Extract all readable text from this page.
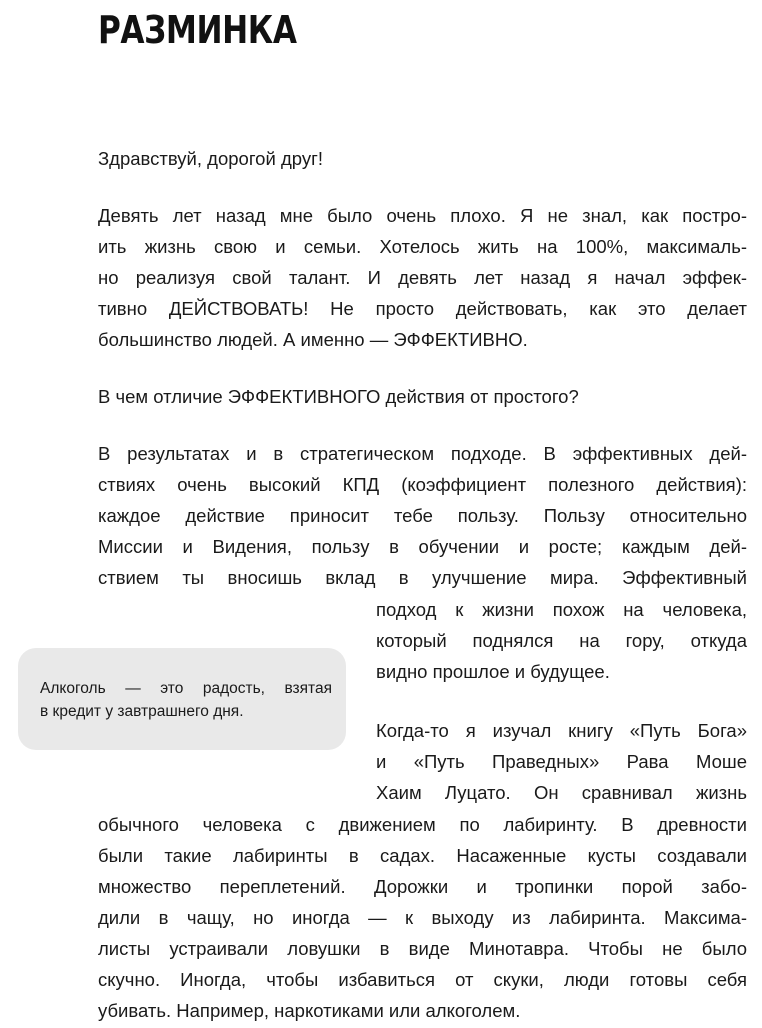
РАЗМИНКА
Здравствуй, дорогой друг!
Девять лет назад мне было очень плохо. Я не знал, как постро-
ить жизнь свою и семьи. Хотелось жить на 100%, максималь-
но реализуя свой талант. И девять лет назад я начал эффек-
тивно ДЕЙСТВОВАТЬ! Не просто действовать, как это делает
большинство людей. А именно — ЭФФЕКТИВНО.
В чем отличие ЭФФЕКТИВНОГО действия от простого?
В результатах и в стратегическом подходе. В эффективных дей-
ствиях очень высокий КПД (коэффициент полезного действия):
каждое действие приносит тебе пользу. Пользу относительно
Миссии и Видения, пользу в обучении и росте; каждым дей-
ствием ты вносишь вклад в улучшение мира. Эффективный
подход к жизни похож на человека,
который поднялся на гору, откуда
видно прошлое и будущее.
Алкоголь — это радость, взятая
в кредит у завтрашнего дня.
Когда-то я изучал книгу «Путь Бога»
и «Путь Праведных» Рава Моше
Хаим Луцато. Он сравнивал жизнь
обычного человека с движением по лабиринту. В древности
были такие лабиринты в садах. Насаженные кусты создавали
множество переплетений. Дорожки и тропинки порой забо-
дили в чащу, но иногда — к выходу из лабиринта. Максима-
листы устраивали ловушки в виде Минотавра. Чтобы не было
скучно. Иногда, чтобы избавиться от скуки, люди готовы себя
убивать. Например, наркотиками или алкоголем.
